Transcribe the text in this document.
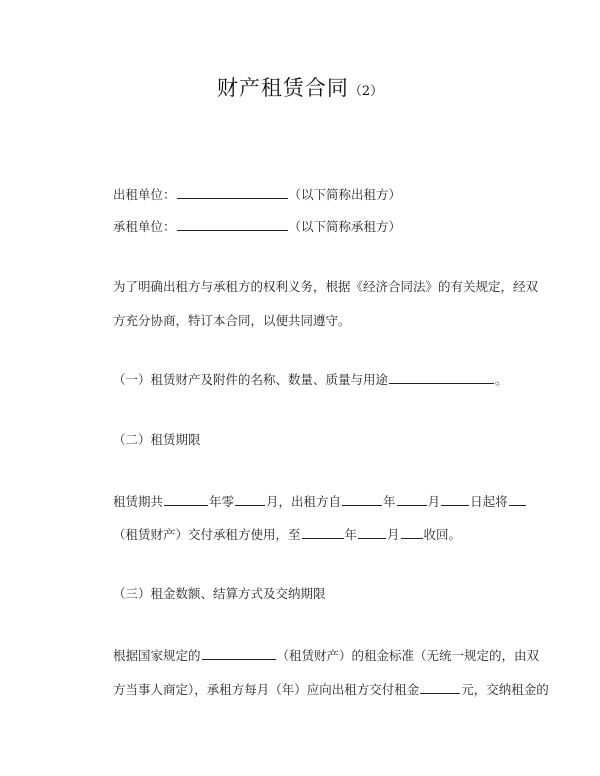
财产租赁合同（2）
出租单位：	（以下简称出租方）
承租单位：	（以下简称承租方）
为了明确出租方与承租方的权利义务，根据《经济合同法》的有关规定，经双
方充分协商，特订本合同，以便共同遵守。
（一）租赁财产及附件的名称、数量、质量与用途	。
（二）租赁期限
租赁期共	年零	月，出租方自	年	月 日起将
（租赁财产）交付承租方使用，至	年 月 收回。
（三）租金数额、结算方式及交纳期限
根据国家规定的	（租赁财产）的租金标准（无统一规定的，由双
方当事人商定），承租方每月（年）应向出租方交付租金	元，交纳租金的
